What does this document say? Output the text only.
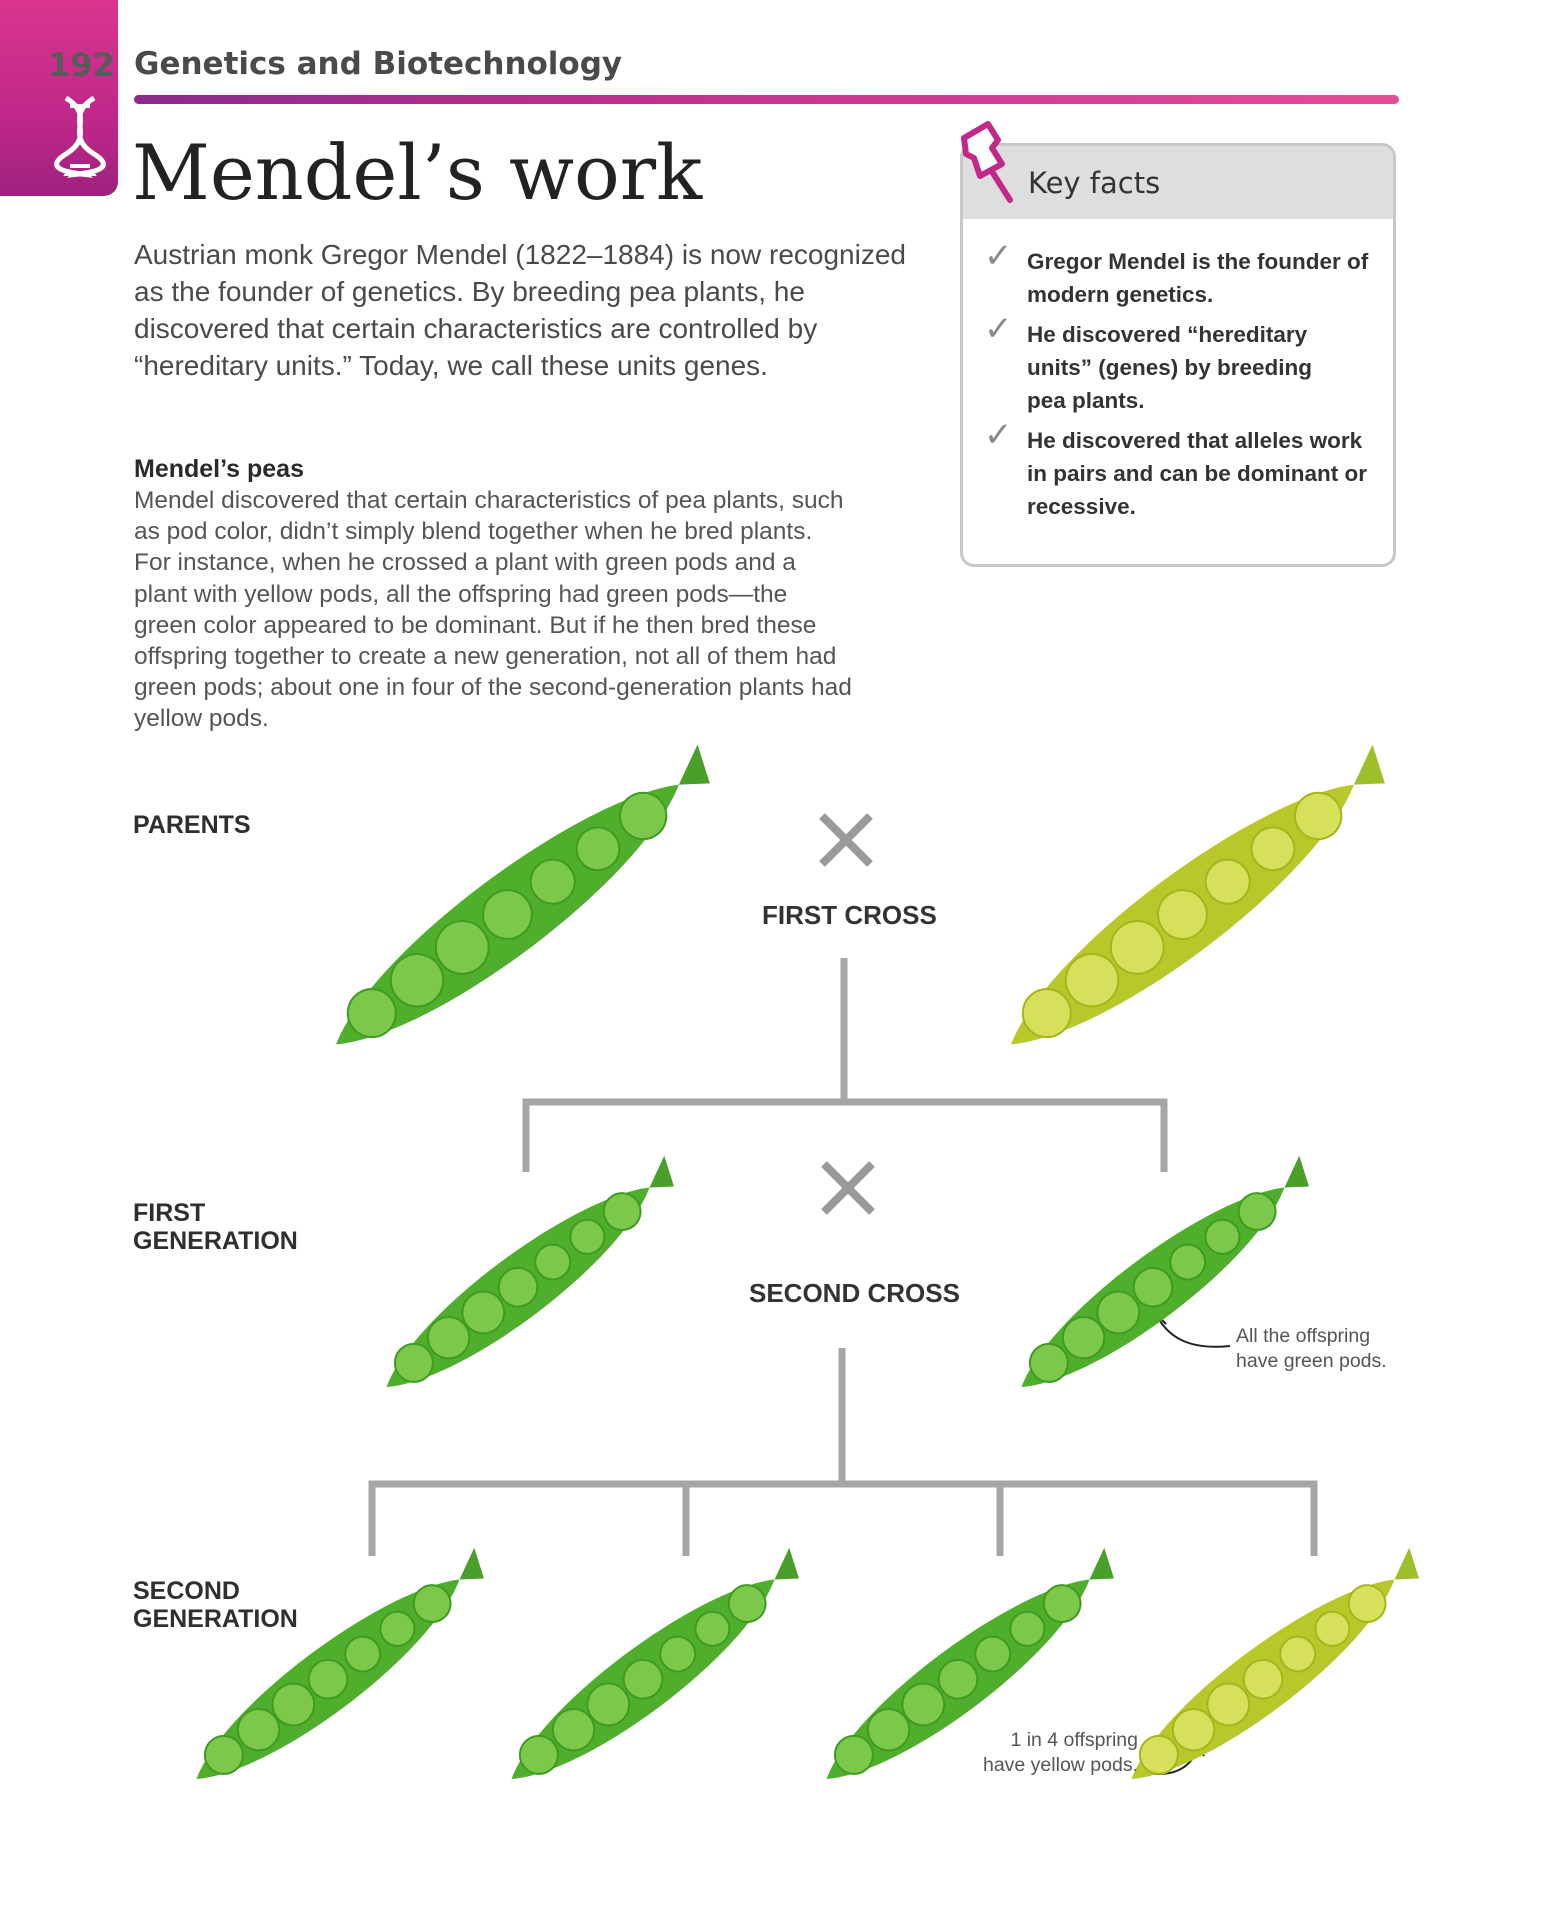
192 Genetics and Biotechnology
Mendel’s work
Austrian monk Gregor Mendel (1822–1884) is now recognized as the founder of genetics. By breeding pea plants, he discovered that certain characteristics are controlled by “hereditary units.” Today, we call these units genes.
Mendel’s peas
Mendel discovered that certain characteristics of pea plants, such as pod color, didn’t simply blend together when he bred plants. For instance, when he crossed a plant with green pods and a plant with yellow pods, all the offspring had green pods—the green color appeared to be dominant. But if he then bred these offspring together to create a new generation, not all of them had green pods; about one in four of the second-generation plants had yellow pods.
Key facts
✓ Gregor Mendel is the founder of modern genetics.
✓ He discovered “hereditary units” (genes) by breeding pea plants.
✓ He discovered that alleles work in pairs and can be dominant or recessive.
PARENTS
FIRST GENERATION
SECOND GENERATION
FIRST CROSS
SECOND CROSS
All the offspring have green pods.
1 in 4 offspring have yellow pods.
